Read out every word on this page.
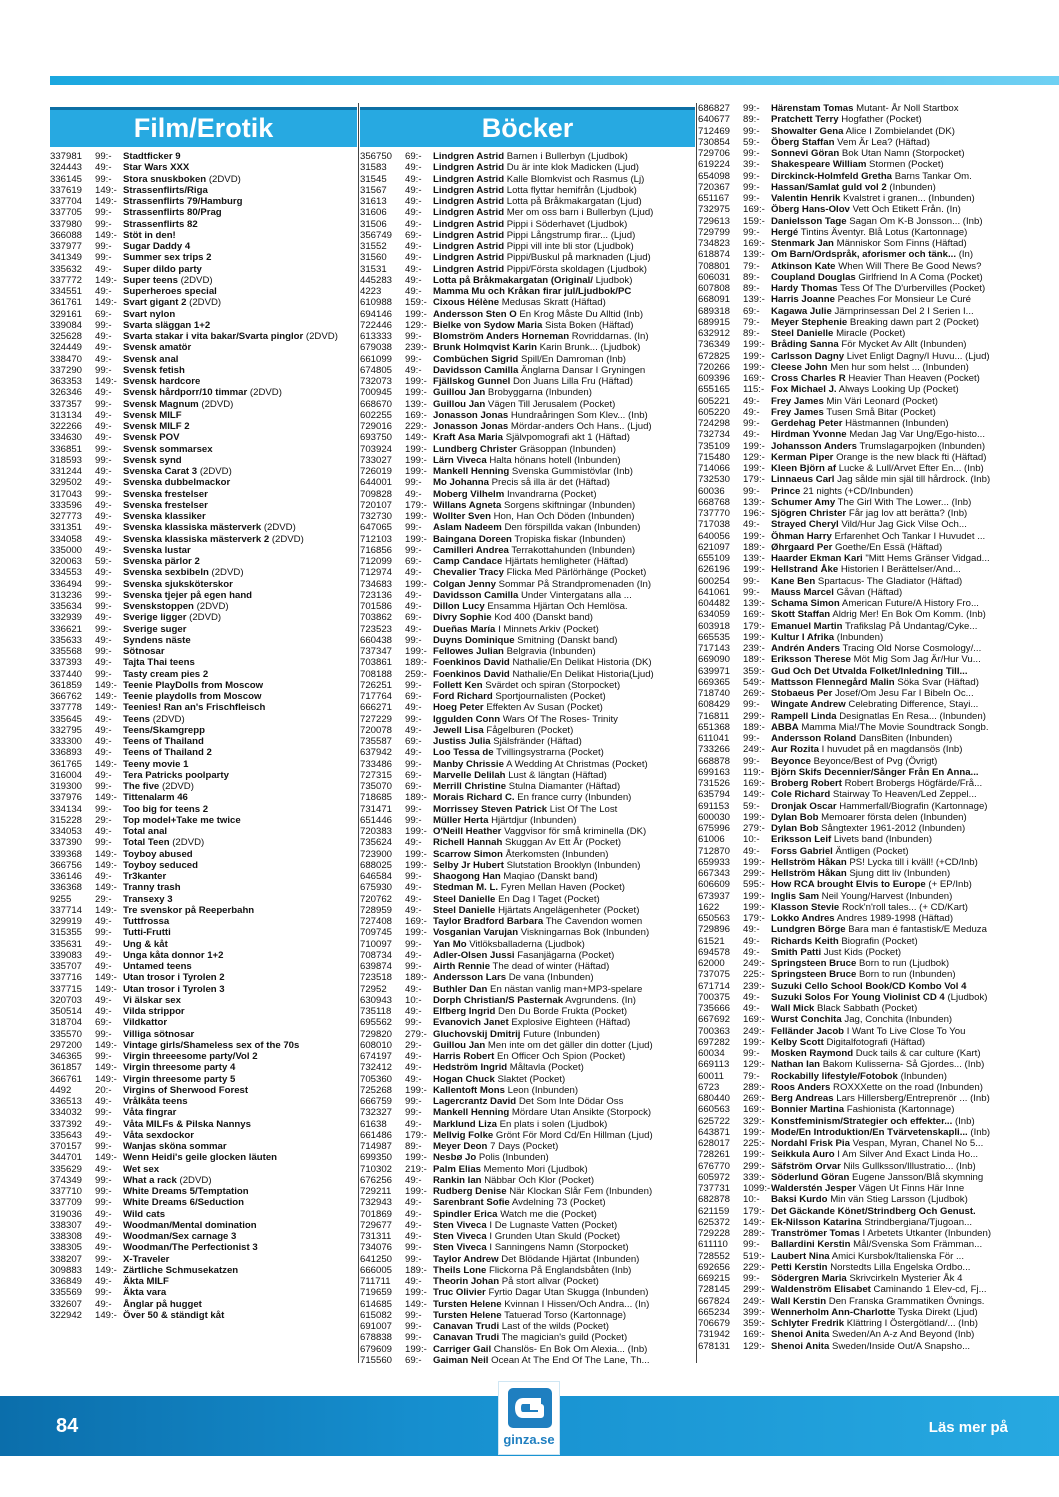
Film/Erotik
337981 99:- Stadtficker 9
324443 49:- Star Wars XXX
336145 99:- Stora snuskboken (2DVD)
337619 149:- Strassenflirts/Riga
337704 149:- Strassenflirts 79/Hamburg
337705 99:- Strassenflirts 80/Prag
337980 99:- Strassenflirts 82
366088 149:- Stöt in den!
337977 99:- Sugar Daddy 4
341349 99:- Summer sex trips 2
335632 49:- Super dildo party
337772 149:- Super teens (2DVD)
334551 49:- Superheroes special
361761 149:- Svart gigant 2 (2DVD)
329161 69:- Svart nylon
339084 99:- Svarta släggan 1+2
325628 49:- Svarta stakar i vita bakar/Svarta pinglor (2DVD)
324449 49:- Svensk amatör
338470 49:- Svensk anal
337290 99:- Svensk fetish
363353 149:- Svensk hardcore
326346 49:- Svensk hårdporr/10 timmar (2DVD)
337357 99:- Svensk Magnum (2DVD)
313134 49:- Svensk MILF
322266 49:- Svensk MILF 2
334630 49:- Svensk POV
336851 99:- Svensk sommarsex
318593 99:- Svensk synd
331244 49:- Svenska Carat 3 (2DVD)
329502 49:- Svenska dubbelmackor
317043 99:- Svenska frestelser
333596 49:- Svenska frestelser
327773 49:- Svenska klassiker
331351 49:- Svenska klassiska mästerverk (2DVD)
334058 49:- Svenska klassiska mästerverk 2 (2DVD)
335000 49:- Svenska lustar
320063 59:- Svenska pärlor 2
334553 49:- Svenska sexbibeln (2DVD)
336494 99:- Svenska sjuksköterskor
313236 99:- Svenska tjejer på egen hand
335634 99:- Svenskstoppen (2DVD)
332939 49:- Sverige ligger (2DVD)
336621 99:- Sverige suger
335633 49:- Syndens näste
335568 99:- Sötnosar
337393 49:- Tajta Thai teens
337440 99:- Tasty cream pies 2
361859 149:- Teenie PlayDolls from Moscow
366762 149:- Teenie playdolls from Moscow
337778 149:- Teenies! Ran an's Frischfleisch
335645 49:- Teens (2DVD)
332795 49:- Teens/Skamgrepp
333300 49:- Teens of Thailand
336893 49:- Teens of Thailand 2
361765 149:- Teeny movie 1
316004 49:- Tera Patricks poolparty
319300 99:- The five (2DVD)
337976 149:- Tittenalarm 46
334134 99:- Too big for teens 2
315228 29:- Top model+Take me twice
334053 49:- Total anal
337390 99:- Total Teen (2DVD)
339368 149:- Toyboy abused
366756 149:- Toyboy seduced
336146 49:- Tr3kanter
336368 149:- Tranny trash
9255 29:- Transexy 3
337714 149:- Tre svenskor på Reeperbahn
329919 49:- Tuttfrossa
315355 99:- Tutti-Frutti
335631 49:- Ung & kåt
339083 49:- Unga kåta donnor 1+2
335707 49:- Untamed teens
337716 149:- Utan trosor i Tyrolen 2
337715 149:- Utan trosor i Tyrolen 3
320703 49:- Vi älskar sex
350514 49:- Vilda strippor
318704 69:- Vildkattor
335570 99:- Villiga sötnosar
297200 149:- Vintage girls/Shameless sex of the 70s
346365 99:- Virgin threeesome party/Vol 2
361857 149:- Virgin threesome party 4
366761 149:- Virgin threesome party 5
4492 20:- Virgins of Sherwood Forest
336513 49:- Vrålkåta teens
334032 99:- Våta fingrar
337392 49:- Våta MILFs & Pilska Nannys
335643 49:- Våta sexdockor
370157 99:- Wanjas sköna sommar
344701 149:- Wenn Heidi's geile glocken läuten
335629 49:- Wet sex
374349 99:- What a rack (2DVD)
337710 99:- White Dreams 5/Temptation
337709 99:- White Dreams 6/Seduction
319036 49:- Wild cats
338307 49:- Woodman/Mental domination
338308 49:- Woodman/Sex carnage 3
338305 49:- Woodman/The Perfectionist 3
338207 99:- X-Traveler
309883 149:- Zärtliche Schmusekatzen
336849 49:- Äkta MILF
335569 99:- Äkta vara
332607 49:- Ånglar på hugget
322942 149:- Över 50 & ständigt kåt
Böcker
356750 69:- Lindgren Astrid Barnen i Bullerbyn (Ljudbok)
31583 49:- Lindgren Astrid Du är inte klok Madicken (Ljud)
31545 49:- Lindgren Astrid Kalle Blomkvist och Rasmus (Lj)
31567 49:- Lindgren Astrid Lotta flyttar hemifrån (Ljudbok)
31613 49:- Lindgren Astrid Lotta på Bråkmakargatan (Ljud)
31606 49:- Lindgren Astrid Mer om oss barn i Bullerbyn (Ljud)
31506 49:- Lindgren Astrid Pippi i Söderhavet (Ljudbok)
356749 69:- Lindgren Astrid Pippi Långstrump firar... (Ljud)
31552 49:- Lindgren Astrid Pippi vill inte bli stor (Ljudbok)
31560 49:- Lindgren Astrid Pippi/Buskul på marknaden (Ljud)
31531 49:- Lindgren Astrid Pippi/Första skoldagen (Ljudbok)
445283 49:- Lotta på Bråkmakargatan (Original/ Ljudbok)
4223 49:- Mamma Mu och Kråkan firar jul/Ljudbok/PC
610988 159:- Cixous Hélène Medusas Skratt (Häftad)
694146 199:- Andersson Sten O En Krog Måste Du Alltid (Inb)
722446 129:- Bielke von Sydow Maria Sista Boken (Häftad)
613333 99:- Blomström Anders Horneman Rovriddarnas. (In)
679038 239:- Brunk Holmqvist Karin Karin Brunk... (Ljudbok)
661099 99:- Combüchen Sigrid Spill/En Damroman (Inb)
674805 49:- Davidsson Camilla Änglarna Dansar I Gryningen
732073 199:- Fjällskog Gunnel Don Juans Lilla Fru (Häftad)
700945 199:- Guillou Jan Brobyggarna (Inbunden)
668670 139:- Guillou Jan Vägen Till Jerusalem (Pocket)
602255 169:- Jonasson Jonas Hundraåringen Som Klev... (Inb)
729016 229:- Jonasson Jonas Mördar-anders Och Hans.. (Ljud)
693750 149:- Kraft Asa Maria Självpomografi akt 1 (Häftad)
703924 199:- Lundberg Christer Gräsoppan (Inbunden)
733027 199:- Lärn Viveca Halta hönans hotell (Inbunden)
726019 199:- Mankell Henning Svenska Gummistövlar (Inb)
644001 99:- Mo Johanna Precis så illa är det (Häftad)
709828 49:- Moberg Vilhelm Invandrarna (Pocket)
720107 179:- Willans Agneta Sorgens skiftningar (Inbunden)
732730 199:- Wollter Sven Hon, Han Och Döden (Inbunden)
647065 99:- Aslam Nadeem Den förspillda vakan (Inbunden)
712103 199:- Baingana Doreen Tropiska fiskar (Inbunden)
716856 99:- Camilleri Andrea Terrakottahunden (Inbunden)
712099 69:- Camp Candace Hjärtats hemligheter (Häftad)
712974 49:- Chevalier Tracy Flicka Med Pärlörhänge (Pocket)
734683 199:- Colgan Jenny Sommar På Strandpromenaden (In)
723136 49:- Davidsson Camilla Under Vintergatans alla ...
701586 49:- Dillon Lucy Ensamma Hjärtan Och Hemlösa.
703862 69:- Divry Sophie Kod 400 (Danskt band)
723523 49:- Dueñas María I Minnets Arkiv (Pocket)
660438 99:- Duyns Dominique Smitning (Danskt band)
737347 199:- Fellowes Julian Belgravia (Inbunden)
703861 189:- Foenkinos David Nathalie/En Delikat Historia (DK)
708188 259:- Foenkinos David Nathalie/En Delikat Historia(Ljud)
726251 99:- Follett Ken Svärdet och spiran (Storpocket)
717764 69:- Ford Richard Sportjournalisten (Pocket)
666271 49:- Hoeg Peter Effekten Av Susan (Pocket)
727229 99:- Iggulden Conn Wars Of The Roses- Trinity
720078 49:- Jewell Lisa Fågelburen (Pocket)
735587 69:- Justiss Julia Själsfränder (Häftad)
637942 49:- Loo Tessa de Tvillingsystrarna (Pocket)
733486 99:- Manby Chrissie A Wedding At Christmas (Pocket)
727315 69:- Marvelle Delilah Lust & längtan (Häftad)
735070 69:- Merrill Christine Stulna Diamanter (Häftad)
718685 189:- Morais Richard C. En france curry (Inbunden)
731471 99:- Morrissey Steven Patrick List Of The Lost
651446 99:- Müller Herta Hjärtdjur (Inbunden)
720383 199:- O'Neill Heather Vaggvisor för små kriminella (DK)
735624 49:- Richell Hannah Skuggan Av Ett År (Pocket)
723900 199:- Scarrow Simon Återkomsten (Inbunden)
688025 199:- Selby Jr Hubert Slutstation Brooklyn (Inbunden)
646584 99:- Shaogong Han Maqiao (Danskt band)
675930 49:- Stedman M. L. Fyren Mellan Haven (Pocket)
720762 49:- Steel Danielle En Dag I Taget (Pocket)
728959 49:- Steel Danielle Hjärtats Angelägenheter (Pocket)
727408 169:- Taylor Bradford Barbara The Cavendon women
709745 199:- Vosganian Varujan Viskningarnas Bok (Inbunden)
710097 99:- Yan Mo Vitlöksballaderna (Ljudbok)
708734 49:- Adler-Olsen Jussi Fasanjägarna (Pocket)
639874 99:- Airth Rennie The dead of winter (Häftad)
723518 189:- Andersson Lars De vana (Inbunden)
72952 49:- Buthler Dan En nästan vanlig man+MP3-spelare
630943 10:- Dorph Christian/S Pasternak Avgrundens. (In)
735118 49:- Elfberg Ingrid Den Du Borde Frukta (Pocket)
695562 99:- Evanovich Janet Explosive Eighteen (Häftad)
729820 279:- Gluchovskij Dmitrij Future (Inbunden)
608010 29:- Guillou Jan Men inte om det gäller din dotter (Ljud)
674197 49:- Harris Robert En Officer Och Spion (Pocket)
732412 49:- Hedström Ingrid Måltavla (Pocket)
705360 49:- Hogan Chuck Slaktet (Pocket)
725268 199:- Kallentoft Mons Leon (Inbunden)
666759 99:- Lagercrantz David Det Som Inte Dödar Oss
732327 99:- Mankell Henning Mördare Utan Ansikte (Storpock)
61638 49:- Marklund Liza En plats i solen (Ljudbok)
661486 179:- Mellvig Folke Grönt För Mord Cd/En Hillman (Ljud)
714987 89:- Meyer Deon 7 Days (Pocket)
699350 199:- Nesbø Jo Polis (Inbunden)
710302 219:- Palm Elias Memento Mori (Ljudbok)
676256 49:- Rankin Ian Näbbar Och Klor (Pocket)
729211 199:- Rudberg Denise När Klockan Slår Fem (Inbunden)
732943 49:- Sarenbrant Sofie Avdelning 73 (Pocket)
701869 49:- Spindler Erica Watch me die (Pocket)
729677 49:- Sten Viveca I De Lugnaste Vatten (Pocket)
731311 49:- Sten Viveca I Grunden Utan Skuld (Pocket)
734076 99:- Sten Viveca I Sanningens Namn (Storpocket)
641250 99:- Taylor Andrew Det Blödande Hjärtat (Inbunden)
666005 189:- Theils Lone Flickorna På Englandsbåten (Inb)
711711 49:- Theorin Johan På stort allvar (Pocket)
719659 199:- Truc Olivier Fyrtio Dagar Utan Skugga (Inbunden)
614685 149:- Tursten Helene Kvinnan I Hissen/Och Andra... (In)
615082 99:- Tursten Helene Tatuerad Torso (Kartonnage)
691007 99:- Canavan Trudi Last of the wilds (Pocket)
678838 99:- Canavan Trudi The magician's guild (Pocket)
679609 199:- Carriger Gail Chanslös- En Bok Om Alexia... (Inb)
715560 69:- Gaiman Neil Ocean At The End Of The Lane, Th...
686827 99:- Härenstam Tomas Mutant- År Noll Startbox
640677 89:- Pratchett Terry Hogfather (Pocket)
712469 99:- Showalter Gena Alice I Zombielandet (DK)
730854 59:- Öberg Staffan Vem Är Lea? (Häftad)
729706 99:- Sonnevi Göran Bok Utan Namn (Storpocket)
619224 39:- Shakespeare William Stormen (Pocket)
654098 99:- Dirckinck-Holmfeld Gretha Barns Tankar Om.
720367 99:- Hassan/Samlat guld vol 2 (Inbunden)
651167 99:- Valentin Henrik Kvalstret i granen... (Inbunden)
732975 169:- Öberg Hans-Olov Vett Och Etikett Från. (In)
729613 159:- Danielsson Tage Sagan Om K-B Jonsson... (Inb)
729799 99:- Hergé Tintins Äventyr. Blå Lotus (Kartonnage)
734823 169:- Stenmark Jan Människor Som Finns (Häftad)
618874 139:- Om Barn/Ordspråk, aforismer och tänk... (In)
708801 79:- Atkinson Kate When Will There Be Good News?
606031 89:- Coupland Douglas Girlfriend In A Coma (Pocket)
607808 89:- Hardy Thomas Tess Of The D'urbervilles (Pocket)
668091 139:- Harris Joanne Peaches For Monsieur Le Curé
689318 69:- Kagawa Julie Järnprinsessan Del 2 I Serien I...
689915 79:- Meyer Stephenie Breaking dawn part 2 (Pocket)
632912 89:- Steel Danielle Miracle (Pocket)
736349 199:- Bråding Sanna För Mycket Av Allt (Inbunden)
672825 199:- Carlsson Dagny Livet Enligt Dagny/I Huvu... (Ljud)
720266 199:- Cleese John Men hur som helst ... (Inbunden)
609396 169:- Cross Charles R Heavier Than Heaven (Pocket)
655165 115:- Fox Michael J. Always Looking Up (Pocket)
605221 49:- Frey James Min Väri Leonard (Pocket)
605220 49:- Frey James Tusen Små Bitar (Pocket)
724298 99:- Gerdehag Peter Hästmannen (Inbunden)
732734 49:- Hirdman Yvonne Medan Jag Var Ung/Ego-histo...
735109 199:- Johansson Anders Trumslagarpojken (Inbunden)
715480 129:- Kerman Piper Orange is the new black fti (Häftad)
714066 199:- Kleen Björn af Lucke & Lull/Arvet Efter En... (Inb)
732530 179:- Linnaeus Carl Jag sålde min själ till hårdrock. (Inb)
60036 99:- Prince 21 nights (+CD/Inbunden)
668768 139:- Schumer Amy The Girl With The Lower... (Inb)
737770 196:- Sjögren Christer Får jag lov att berätta? (Inb)
717038 49:- Strayed Cheryl Vild/Hur Jag Gick Vilse Och...
640056 199:- Öhman Harry Erfarenhet Och Tankar I Huvudet ...
621097 189:- Øhrgaard Per Goethe/En Essä (Häftad)
655109 139:- Haarder Ekman Kari "Mitt Hems Gränser Vidgad...
626196 199:- Hellstrand Åke Historien I Berättelser/And...
600254 99:- Kane Ben Spartacus- The Gladiator (Häftad)
641061 99:- Mauss Marcel Gåvan (Häftad)
604482 139:- Schama Simon American Future/A History Fro...
634059 169:- Skott Staffan Aldrig Mer! En Bok Om Komm. (Inb)
603918 179:- Emanuel Martin Trafikslag På Undantag/Cyke...
665535 199:- Kultur I Afrika (Inbunden)
717143 239:- Andrén Anders Tracing Old Norse Cosmology/...
669090 189:- Eriksson Therese Möt Mig Som Jag Är/Hur Vu...
639971 359:- Gud Och Det Utvalda Folket/Inledning Till...
669365 549:- Mattsson Flennegård Malin Söka Svar (Häftad)
718740 269:- Stobaeus Per Josef/Om Jesu Far I Bibeln Oc...
608429 99:- Wingate Andrew Celebrating Difference, Stayi...
716811 299:- Rampell Linda Designatlas En Resa... (Inbunden)
651368 189:- ABBA Mamma Mia!/The Movie Soundtrack Songb.
611041 99:- Andersson Roland DansBiten (Inbunden)
733266 249:- Aur Rozita I huvudet på en magdansös (Inb)
668878 99:- Beyonce Beyonce/Best of Pvg (Övrigt)
699163 119:- Björn Skifs Decennier/Sånger Från En Anna...
731526 169:- Broberg Robert Robert Brobergs Högfärde/Frå...
635794 149:- Cole Richard Stairway To Heaven/Led Zeppel...
691153 59:- Dronjak Oscar Hammerfall/Biografin (Kartonnage)
600030 199:- Dylan Bob Memoarer första delen (Inbunden)
675996 279:- Dylan Bob Sångtexter 1961-2012 (Inbunden)
61006 10:- Eriksson Leif Livets band (Inbunden)
712870 49:- Forss Gabriel Äntligen (Pocket)
659933 199:- Hellström Håkan PS! Lycka till i kväll! (+CD/Inb)
667343 299:- Hellström Håkan Sjung ditt liv (Inbunden)
606609 595:- How RCA brought Elvis to Europe (+ EP/Inb)
673937 199:- Inglis Sam Neil Young/Harvest (Inbunden)
1622 199:- Klasson Stevie Rock'n'roll tales... (+ CD/Kart)
650563 179:- Lokko Andres Andres 1989-1998 (Häftad)
729896 49:- Lundgren Börge Bara man é fantastisk/E Meduza
61521 49:- Richards Keith Biografin (Pocket)
694578 49:- Smith Patti Just Kids (Pocket)
62000 249:- Springsteen Bruce Born to run (Ljudbok)
737075 225:- Springsteen Bruce Born to run (Inbunden)
671714 239:- Suzuki Cello School Book/CD Kombo Vol 4
700375 49:- Suzuki Solos For Young Violinist CD 4 (Ljudbok)
735666 49:- Wall Mick Black Sabbath (Pocket)
667692 169:- Wurst Conchita Jag, Conchita (Inbunden)
700363 249:- Felländer Jacob I Want To Live Close To You
697282 199:- Kelby Scott Digitalfotografi (Häftad)
60034 99:- Mosken Raymond Duck tails & car culture (Kart)
669113 129:- Nathan Ian Bakom Kulisserna- Så Gjordes... (Inb)
60011 79:- Rockabilly lifestyle/Fotobok (Inbunden)
6723 289:- Roos Anders ROXXXette on the road (Inbunden)
680440 269:- Berg Andreas Lars Hillersberg/Entreprenör ... (Inb)
660563 169:- Bonnier Martina Fashionista (Kartonnage)
625722 329:- Konstfeminism/Strategier och effekter... (Inb)
643871 199:- Mode/En Introduktion/En Tvärvetenskapli... (Inb)
628017 225:- Nordahl Frisk Pia Vespan, Myran, Chanel No 5...
728261 199:- Seikkula Auro I Am Silver And Exact Linda Ho...
676770 299:- Säfström Orvar Nils Gullksson/Illustratio... (Inb)
605972 339:- Söderlund Göran Eugene Jansson/Blå skymning
737731 1099:-Walderstén Jesper Vägen Ut Finns Här Inne
682878 10:- Baksi Kurdo Min vän Stieg Larsson (Ljudbok)
621159 179:- Det Gäckande Könet/Strindberg Och Genust.
625372 149:- Ek-Nilsson Katarina Strindbergiana/Tjugoan...
729228 289:- Tranströmer Tomas I Arbetets Utkanter (Inbunden)
611110 99:- Ballardini Kerstin Mål/Svenska Som Främman...
728552 519:- Laubert Nina Amici Kursbok/Italienska För ...
692656 229:- Petti Kerstin Norstedts Lilla Engelska Ordbo...
669215 99:- Södergren Maria Skrivcirkeln Mysterier Åk 4
728145 299:- Waldenström Elisabet Caminando 1 Elev-cd, Fj...
667824 249:- Wall Kerstin Den Franska Grammatiken Övnings.
665234 399:- Wennerholm Ann-Charlotte Tyska Direkt (Ljud)
706679 359:- Schlyter Fredrik Klättring I Östergötland/... (Inb)
731942 169:- Shenoi Anita Sweden/An A-z And Beyond (Inb)
678131 129:- Shenoi Anita Sweden/Inside Out/A Snapsho...
84
ginza.se
Läs mer på
